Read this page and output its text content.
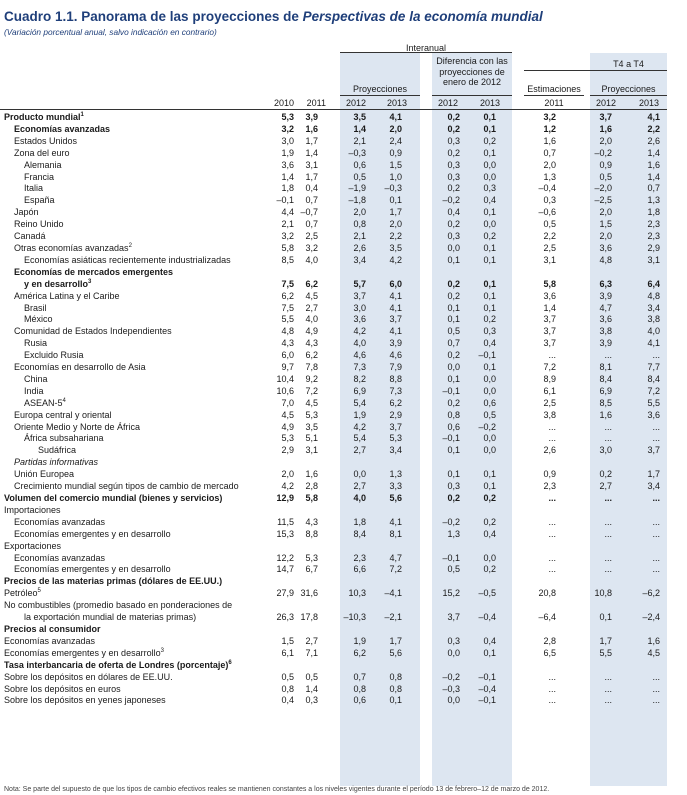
Cuadro 1.1. Panorama de las proyecciones de Perspectivas de la economía mundial
(Variación porcentual anual, salvo indicación en contrario)
Interanual
Diferencia con las proyecciones de enero de 2012
T4 a T4
Proyecciones	Estimaciones	Proyecciones
2010	2011	2012	2013	2012	2013	2011	2012	2013
Producto mundial$^1$	5,3	3,9	3,5	4,1	0,2	0,1	3,2	3,7	4,1
Economías avanzadas	3,2	1,6	1,4	2,0	0,2	0,1	1,2	1,6	2,2
Estados Unidos	3,0	1,7	2,1	2,4	0,3	0,2	1,6	2,0	2,6
Zona del euro	1,9	1,4	–0,3	0,9	0,2	0,1	0,7	–0,2	1,4
Alemania	3,6	3,1	0,6	1,5	0,3	0,0	2,0	0,9	1,6
Francia	1,4	1,7	0,5	1,0	0,3	0,0	1,3	0,5	1,4
Italia	1,8	0,4	–1,9	–0,3	0,2	0,3	–0,4	–2,0	0,7
España	–0,1	0,7	–1,8	0,1	–0,2	0,4	0,3	–2,5	1,3
Japón	4,4	–0,7	2,0	1,7	0,4	0,1	–0,6	2,0	1,8
Reino Unido	2,1	0,7	0,8	2,0	0,2	0,0	0,5	1,5	2,3
Canadá	3,2	2,5	2,1	2,2	0,3	0,2	2,2	2,0	2,3
Otras economías avanzadas$^2$	5,8	3,2	2,6	3,5	0,0	0,1	2,5	3,6	2,9
Economías asiáticas recientemente industrializadas	8,5	4,0	3,4	4,2	0,1	0,1	3,1	4,8	3,1
Economías de mercados emergentes									
y en desarrollo$^3$	7,5	6,2	5,7	6,0	0,2	0,1	5,8	6,3	6,4
América Latina y el Caribe	6,2	4,5	3,7	4,1	0,2	0,1	3,6	3,9	4,8
Brasil	7,5	2,7	3,0	4,1	0,1	0,1	1,4	4,7	3,4
México	5,5	4,0	3,6	3,7	0,1	0,2	3,7	3,6	3,8
Comunidad de Estados Independientes	4,8	4,9	4,2	4,1	0,5	0,3	3,7	3,8	4,0
Rusia	4,3	4,3	4,0	3,9	0,7	0,4	3,7	3,9	4,1
Excluido Rusia	6,0	6,2	4,6	4,6	0,2	–0,1	...	...	...
Economías en desarrollo de Asia	9,7	7,8	7,3	7,9	0,0	0,1	7,2	8,1	7,7
China	10,4	9,2	8,2	8,8	0,1	0,0	8,9	8,4	8,4
India	10,6	7,2	6,9	7,3	–0,1	0,0	6,1	6,9	7,2
ASEAN-$5^4$	7,0	4,5	5,4	6,2	0,2	0,6	2,5	8,5	5,5
Europa central y oriental	4,5	5,3	1,9	2,9	0,8	0,5	3,8	1,6	3,6
Oriente Medio y Norte de África	4,9	3,5	4,2	3,7	0,6	–0,2	...	...	...
África subsahariana	5,3	5,1	5,4	5,3	–0,1	0,0	...	...	...
Sudáfrica	2,9	3,1	2,7	3,4	0,1	0,0	2,6	3,0	3,7
Partidas informativas									
Unión Europea	2,0	1,6	0,0	1,3	0,1	0,1	0,9	0,2	1,7
Crecimiento mundial según tipos de cambio de mercado	4,2	2,8	2,7	3,3	0,3	0,1	2,3	2,7	3,4
Volumen del comercio mundial (bienes y servicios)	12,9	5,8	4,0	5,6	0,2	0,2	...	...	...
Importaciones									
Economías avanzadas	11,5	4,3	1,8	4,1	–0,2	0,2	...	...	...
Economías emergentes y en desarrollo	15,3	8,8	8,4	8,1	1,3	0,4	...	...	...
Exportaciones									
Economías avanzadas	12,2	5,3	2,3	4,7	–0,1	0,0	...	...	...
Economías emergentes y en desarrollo	14,7	6,7	6,6	7,2	0,5	0,2	...	...	...
Precios de las materias primas (dólares de EE.UU.)									
Petróleo$^5$	27,9	31,6	10,3	–4,1	15,2	–0,5	20,8	10,8	–6,2
No combustibles (promedio basado en ponderaciones de									
la exportación mundial de materias primas)	26,3	17,8	–10,3	–2,1	3,7	–0,4	–6,4	0,1	–2,4
Precios al consumidor									
Economías avanzadas	1,5	2,7	1,9	1,7	0,3	0,4	2,8	1,7	1,6
Economías emergentes y en desarrollo$^3$	6,1	7,1	6,2	5,6	0,0	0,1	6,5	5,5	4,5
Tasa interbancaria de oferta de Londres (porcentaje)$^6$									
Sobre los depósitos en dólares de EE.UU.	0,5	0,5	0,7	0,8	–0,2	–0,1	...	...	...
Sobre los depósitos en euros	0,8	1,4	0,8	0,8	–0,3	–0,4	...	...	...
Sobre los depósitos en yenes japoneses	0,4	0,3	0,6	0,1	0,0	–0,1	...	...	...
Nota: Se parte del supuesto de que los tipos de cambio efectivos reales se mantienen constantes a los niveles vigentes durante el período 13 de febrero–12 de marzo de 2012.
